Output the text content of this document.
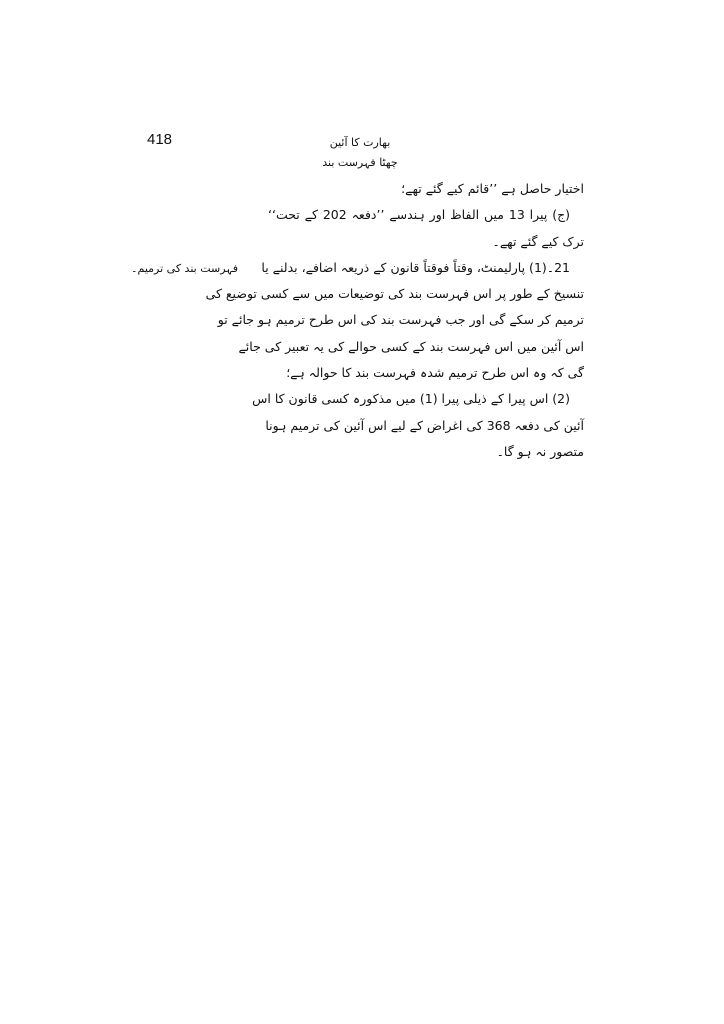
418	بھارت کا آئین
چھٹا فہرست بند
فہرست بند کی ترمیم۔
اختیار حاصل ہے ’’قائم کیے گئے تھے؛
(ج) پیرا 13 میں الفاظ اور ہندسے ’’دفعہ 202 کے تحت‘‘
ترک کیے گئے تھے۔
21۔(1) پارلیمنٹ، وقتاً فوقتاً قانون کے ذریعہ اضافے، بدلنے یا
تنسیخ کے طور پر اس فہرست بند کی توضیعات میں سے کسی توضیع کی
ترمیم کر سکے گی اور جب فہرست بند کی اس طرح ترمیم ہو جائے تو
اس آئین میں اس فہرست بند کے کسی حوالے کی یہ تعبیر کی جائے
گی کہ وہ اس طرح ترمیم شدہ فہرست بند کا حوالہ ہے؛
(2) اس پیرا کے ذیلی پیرا (1) میں مذکورہ کسی قانون کا اس
آئین کی دفعہ 368 کی اغراض کے لیے اس آئین کی ترمیم ہونا
متصور نہ ہو گا۔
